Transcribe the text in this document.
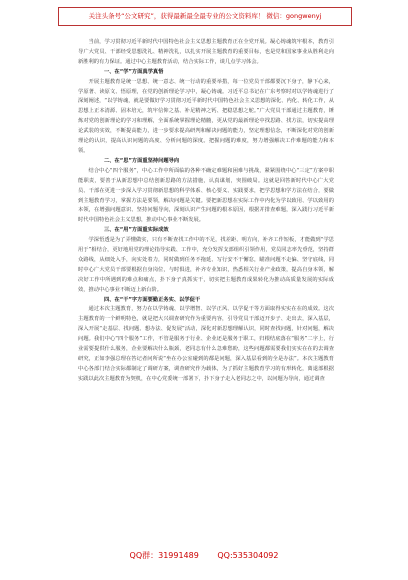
关注头条号“公文研究”，获得最新最全最专业的公文资料库！ 微信：gongwenyj

当前，学习贯彻习近平新时代中国特色社会主义思想主题教育正在全党开展。凝心铸魂筑牢根本，教育引导广大党员、干部经受思想洗礼、精神洗礼，以扎实开展主题教育的重要目标，也是党和国家事业从胜利走向新胜利的有力保证。通过中心主题教育活动，结合实际工作，谈几点学习体会。

一、在“学”方面真学真悟

开展主题教育是统一思想、统一意志、统一行动的重要举措，每一位党员干部都要沉下身子，静下心来，学原著、读原文、悟原理，在党的创新理论学习中，凝心铸魂。习近平总书记在广东考察时对以学铸魂进行了深刻阐述，“以学铸魂，就是要做好学习贯彻习近平新时代中国特色社会主义思想的深化、内化、转化工作，从思想上正本清源、固本培元，筑牢信仰之基、补足精神之钙、把稳思想之舵。”广大党员干部通过主题教育，锤炼对党的创新理论的学习和理解，全面系统掌握理论精髓，更从党的最新理论中找思路、找方法，切实提高理论武装的实效，不断提高能力，进一步要求提高研判和解决问题的能力，坚定理想信念，不断深化对党的创新理论的认识，提高认识问题的高度、分析问题的深度。把握问题的难度，努力增强解决工作难题的能力和本领。

二、在“思”方面重坚持问题导向

结合中心“四个服务”，中心工作中所面临的各种不确定难题和困难与挑战，紧紧围绕中心“三定”方案中职能职责，要善于从新思想中总结创新思路的方法措施，认真谋划，突围破局。这就是回答新时代中心广大党员、干部在更进一步深入学习贯彻新思想的科学体系、核心要义、实践要求，把学思想和学方法在结合，要做到主题教育学习，掌握方法是要领，解决问题是关键。要把新思想在实际工作中内化为学以致用、学以致用的本领，在增强问题意识、坚持问题导向，深刻认识产生问题的根本原因，根据并排查难题，深入践行习近平新时代中国特色社会主义思想，推动中心事业不断发展。

三、在“用”方面重实际成效

学深悟透是为了弄懂做实，只有不断查找工作中的不足，找差距、明方向，补齐工作短板，才能做到“学思用于”相结合，更好地用党的理论指导实践、工作中，充分发挥支部组织引领作用，党员同志率先垂范，坚持群众路线，从细处入手，向实处着力，同时做到任务不拖延、写行安不干懈怠，瞄准问题不走偏、坚守底线，同时中心广大党员干部要根据自身岗位，与时俱进，补齐专业知识，热悉相关行业产业政策，提高自身本领，解决好工作中所遇到的难点和痛点，扑下身子真抓实干，切实把主题教育成果转化为推动高质量发展的实际成效，推动中心事业不断迈上新台阶。

四、在“干”字方面要勤正务实、以学促干

通过本次主题教育，努力在以学铸魂、以学增智、以学正风、以学促干等方面取得实实在在的成效。这次主题教育的一个鲜明特色，就是把大兴调查研究作为重要内容，引导党员干部迈开步子、走出去，深入基层，深入开展“走基层、找问题、想办法、促发展”活动，深化对新思想理解认识，同时查找问题，针对问题，解决问题。我们中心“四个服务”工作，不管是服务于行业、企业还是服务于职工，归根结底落在“服务”二字上，行业需要提供什么服务，企业要解决什么瓶颈，老同志有什么急难愁盼，这些问题都需要我们实实在在的去调查研究，正如李强总理在答记者问所说“坐在办公室碰到的都是问题，深入基层看到的全是办法”。本次主题教育中心各部门结合实际都制定了调研方案，调查研究作为载体，为了抓好主题教育学习的有形转化，离退部根据实践以此次主题教育为契机，在中心党委统一部署下，扑下身子走入老同志之中，以问题为导向，通过调查

QQ群：31991489 QQ:535304092
